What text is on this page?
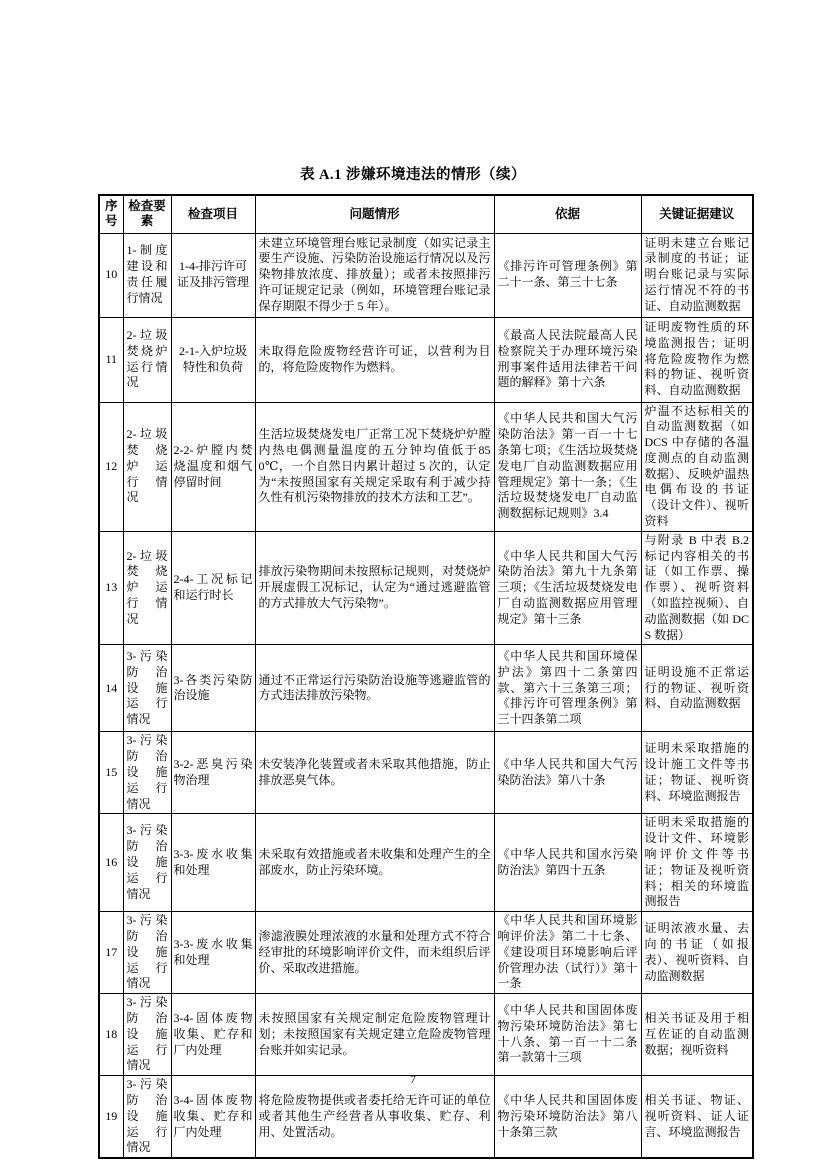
表 A.1 涉嫌环境违法的情形（续）
序号	检查要素	检查项目	问题情形	依据	关键证据建议
10	1-制度建设和责任履行情况	1-4-排污许可证及排污管理	未建立环境管理台账记录制度（如实记录主要生产设施、污染防治设施运行情况以及污染物排放浓度、排放量）；或者未按照排污许可证规定记录（例如，环境管理台账记录保存期限不得少于 5 年）。	《排污许可管理条例》第二十一条、第三十七条	证明未建立台账记录制度的书证；证明台账记录与实际运行情况不符的书证、自动监测数据
11	2-垃圾焚烧炉运行情况	2-1-入炉垃圾特性和负荷	未取得危险废物经营许可证，以营利为目的，将危险废物作为燃料。	《最高人民法院最高人民检察院关于办理环境污染刑事案件适用法律若干问题的解释》第十六条	证明废物性质的环境监测报告；证明将危险废物作为燃料的物证、视听资料、自动监测数据
12	2- 垃 圾 焚 烧 炉 运 行 情 况	2-2-炉膛内焚烧温度和烟气停留时间	生活垃圾焚烧发电厂正常工况下焚烧炉炉膛内热电偶测量温度的五分钟均值低于850℃，一个自然日内累计超过 5 次的，认定为“未按照国家有关规定采取有利于减少持久性有机污染物排放的技术方法和工艺”。	《中华人民共和国大气污染防治法》第一百一十七条第七项；《生活垃圾焚烧发电厂自动监测数据应用管理规定》第十一条；《生活垃圾焚烧发电厂自动监测数据标记规则》3.4	炉温不达标相关的自动监测数据（如DCS 中存储的各温度测点的自动监测数据）、反映炉温热电偶布设的书证（设计文件）、视听资料
13	2- 垃 圾 焚 烧 炉 运 行 情 况	2-4-工况标记和运行时长	排放污染物期间未按照标记规则，对焚烧炉开展虚假工况标记，认定为“通过逃避监管的方式排放大气污染物”。	《中华人民共和国大气污染防治法》第九十九条第三项；《生活垃圾焚烧发电厂自动监测数据应用管理规定》第十三条	与附录 B 中表 B.2 标记内容相关的书证（如工作票、操作票）、视听资料（如监控视频）、自动监测数据（如 DCS 数据）
14	3- 污 染 防 治 设 施 运 行 情况	3-各类污染防治设施	通过不正常运行污染防治设施等逃避监管的方式违法排放污染物。	《中华人民共和国环境保护法》第四十二条第四款、第六十三条第三项；《排污许可管理条例》第三十四条第二项	证明设施不正常运行的物证、视听资料、自动监测数据
15	3- 污 染 防 治 设 施 运 行 情况	3-2-恶臭污染物治理	未安装净化装置或者未采取其他措施，防止排放恶臭气体。	《中华人民共和国大气污染防治法》第八十条	证明未采取措施的设计施工文件等书证；物证、视听资料、环境监测报告
16	3- 污 染 防 治 设 施 运 行 情况	3-3-废水收集和处理	未采取有效措施或者未收集和处理产生的全部废水，防止污染环境。	《中华人民共和国水污染防治法》第四十五条	证明未采取措施的设计文件、环境影响评价文件等书证；物证及视听资料；相关的环境监测报告
17	3- 污 染 防 治 设 施 运 行 情况	3-3-废水收集和处理	渗滤液膜处理浓液的水量和处理方式不符合经审批的环境影响评价文件，而未组织后评价、采取改进措施。	《中华人民共和国环境影响评价法》第二十七条、《建设项目环境影响后评价管理办法（试行）》第十一条	证明浓液水量、去向的书证（如报表）、视听资料、自动监测数据
18	3- 污 染 防 治 设 施 运 行 情况	3-4-固体废物收集、贮存和厂内处理	未按照国家有关规定制定危险废物管理计划；未按照国家有关规定建立危险废物管理台账并如实记录。	《中华人民共和国固体废物污染环境防治法》第七十八条、第一百一十二条第一款第十三项	相关书证及用于相互佐证的自动监测数据；视听资料
19	3- 污 染 防 治 设 施 运 行 情况	3-4-固体废物收集、贮存和厂内处理	将危险废物提供或者委托给无许可证的单位或者其他生产经营者从事收集、贮存、利用、处置活动。	《中华人民共和国固体废物污染环境防治法》第八十条第三款	相关书证、物证、视听资料、证人证言、环境监测报告
7
